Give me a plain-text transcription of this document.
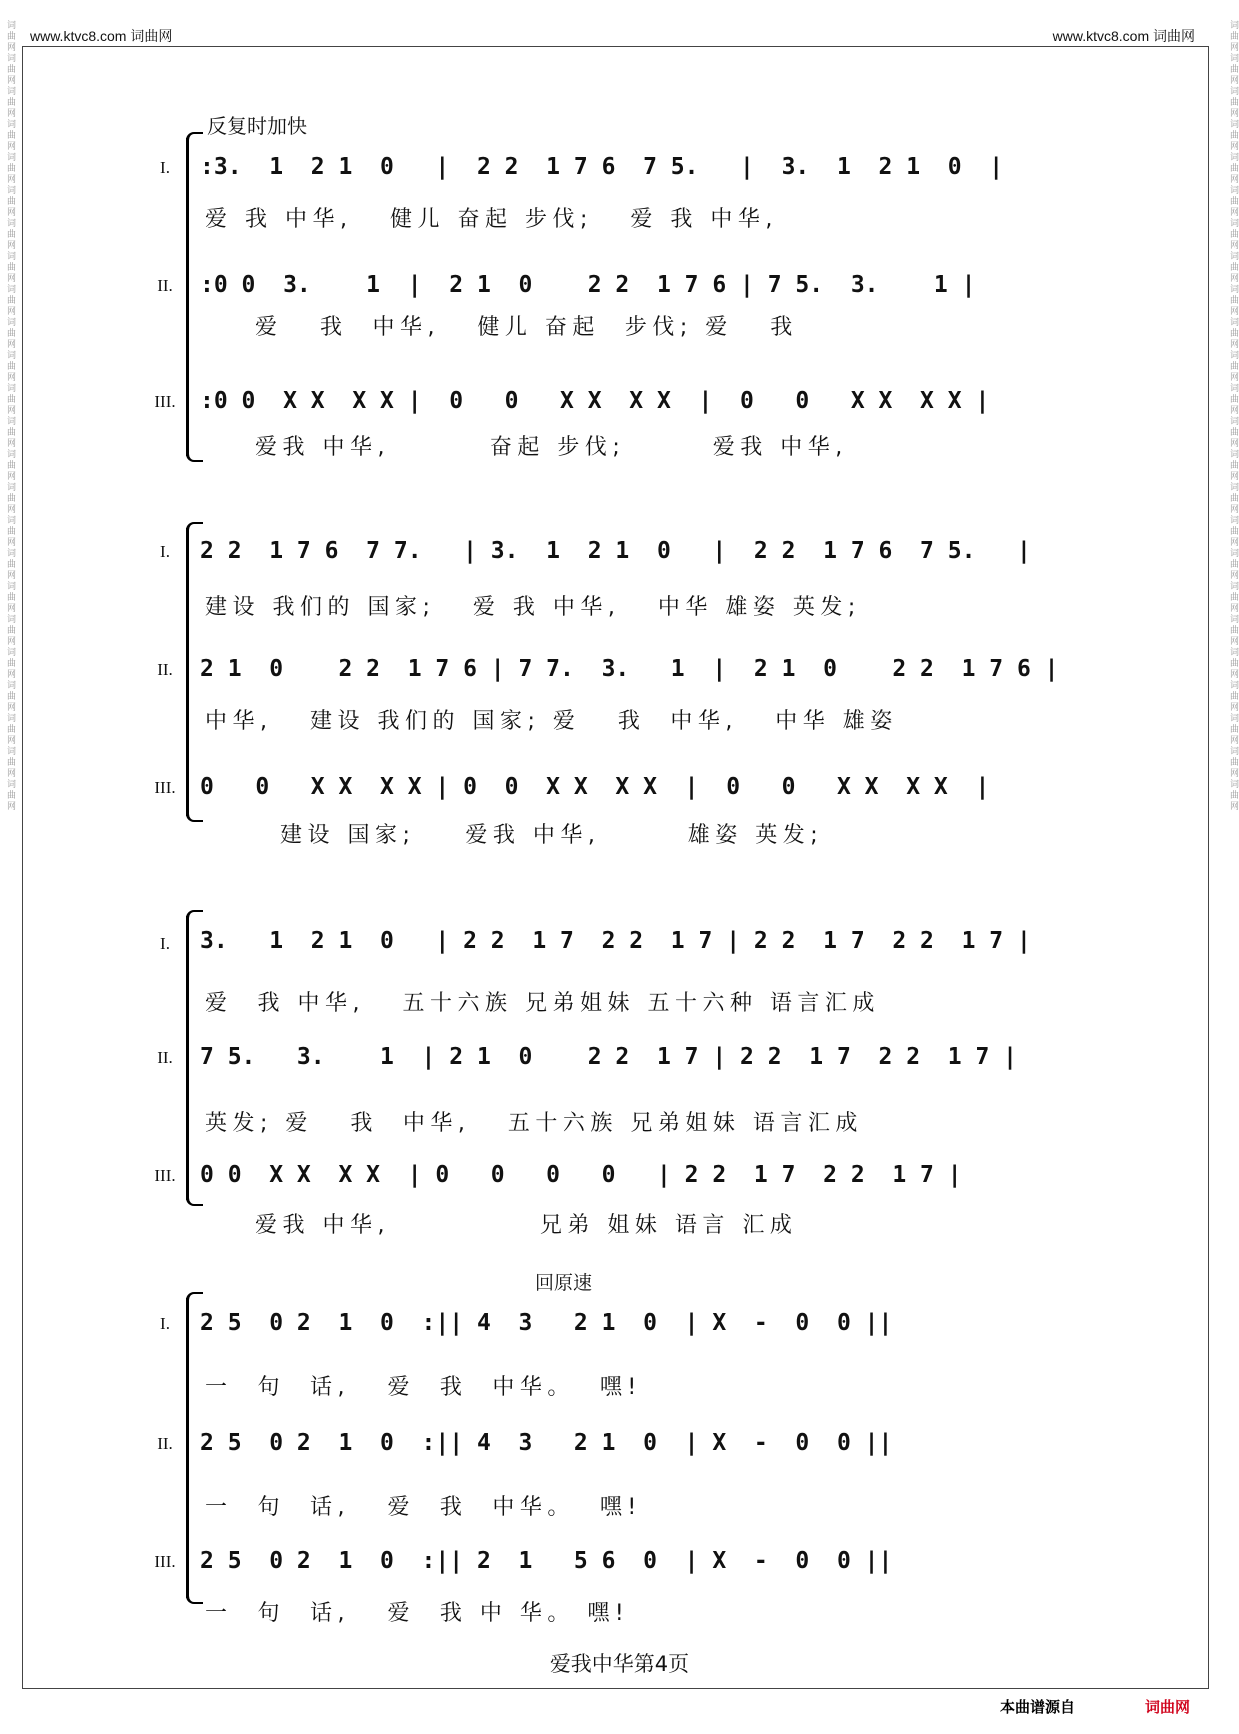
www.ktvc8.com 词曲网	www.ktvc8.com 词曲网
词曲网词曲网词曲网词曲网词曲网词曲网词曲网词曲网词曲网词曲网词曲网词曲网词曲网词曲网词曲网词曲网词曲网词曲网词曲网词曲网词曲网词曲网词曲网词曲网	词曲网词曲网词曲网词曲网词曲网词曲网词曲网词曲网词曲网词曲网词曲网词曲网词曲网词曲网词曲网词曲网词曲网词曲网词曲网词曲网词曲网词曲网词曲网词曲网
反复时加快
回原速
I.
II.
III.
:3.  1  2 1  0   |  2 2  1 7 6  7 5.   |  3.  1  2 1  0  |
爱 我 中华,   健儿 奋起 步伐;   爱 我 中华,
:0 0  3.    1  |  2 1  0    2 2  1 7 6 | 7 5.  3.    1 |
爱   我  中华,   健儿 奋起  步伐; 爱   我
:0 0  X X  X X |  0   0   X X  X X  |  0   0   X X  X X |
爱我 中华,        奋起 步伐;       爱我 中华,
I.
II.
III.
2 2  1 7 6  7 7.   | 3.  1  2 1  0   |  2 2  1 7 6  7 5.   |
建设 我们的 国家;   爱 我 中华,   中华 雄姿 英发;
2 1  0    2 2  1 7 6 | 7 7.  3.   1  |  2 1  0    2 2  1 7 6 |
中华,   建设 我们的 国家; 爱   我  中华,   中华 雄姿
0   0   X X  X X | 0  0  X X  X X  |  0   0   X X  X X  |
建设 国家;    爱我 中华,       雄姿 英发;
I.
II.
III.
3.   1  2 1  0   | 2 2  1 7  2 2  1 7 | 2 2  1 7  2 2  1 7 |
爱  我 中华,   五十六族 兄弟姐妹 五十六种 语言汇成
7 5.   3.    1  | 2 1  0    2 2  1 7 | 2 2  1 7  2 2  1 7 |
英发; 爱   我  中华,   五十六族 兄弟姐妹 语言汇成
0 0  X X  X X  | 0   0   0   0   | 2 2  1 7  2 2  1 7 |
爱我 中华,            兄弟 姐妹 语言 汇成
I.
II.
III.
2 5  0 2  1  0  :|| 4  3   2 1  0  | X  -  0  0 ||
一  句  话,   爱  我  中华。  嘿!
2 5  0 2  1  0  :|| 4  3   2 1  0  | X  -  0  0 ||
一  句  话,   爱  我  中华。  嘿!
2 5  0 2  1  0  :|| 2  1   5 6  0  | X  -  0  0 ||
一  句  话,   爱  我 中 华。 嘿!
爱我中华第4页
本曲谱源自	词曲网
